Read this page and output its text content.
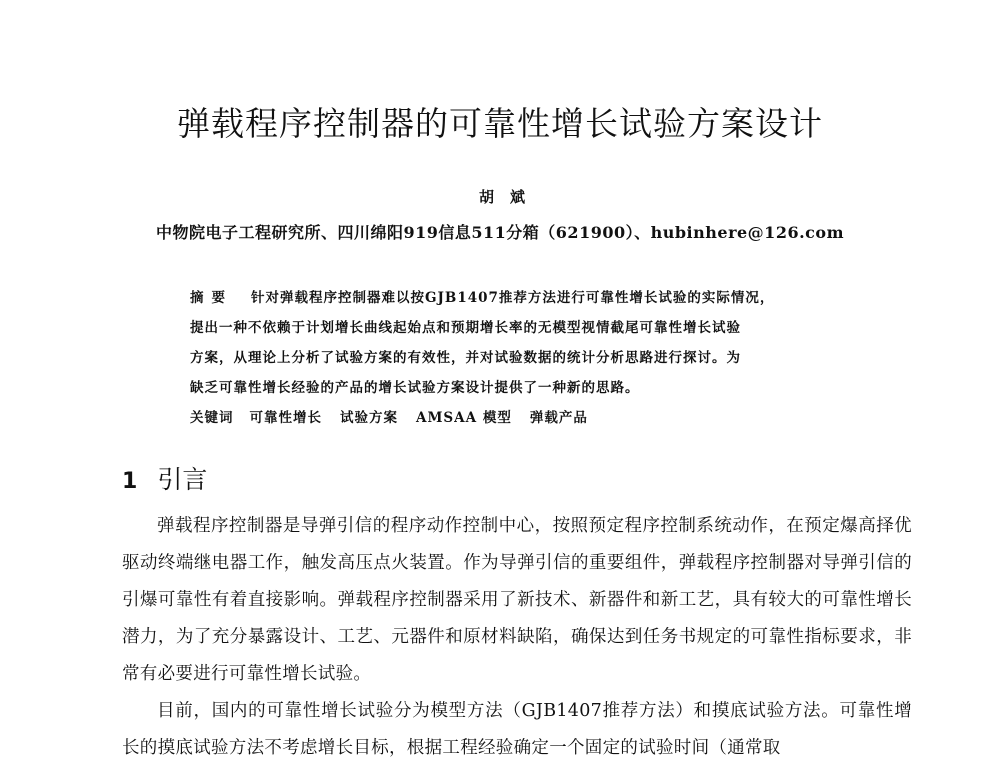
弹载程序控制器的可靠性增长试验方案设计
胡斌
中物院电子工程研究所、四川绵阳919信息511分箱（621900）、hubinhere@126.com

摘要 针对弹载程序控制器难以按GJB1407推荐方法进行可靠性增长试验的实际情况，

提出一种不依赖于计划增长曲线起始点和预期增长率的无模型视情截尾可靠性增长试验

方案，从理论上分析了试验方案的有效性，并对试验数据的统计分析思路进行探讨。为

缺乏可靠性增长经验的产品的增长试验方案设计提供了一种新的思路。

关键词 可靠性增长 试验方案 AMSAA 模型 弹载产品

1 引言

弹载程序控制器是导弹引信的程序动作控制中心，按照预定程序控制系统动作，在预定爆高择优驱动终端继电器工作，触发高压点火装置。作为导弹引信的重要组件，弹载程序控制器对导弹引信的引爆可靠性有着直接影响。弹载程序控制器采用了新技术、新器件和新工艺，具有较大的可靠性增长潜力，为了充分暴露设计、工艺、元器件和原材料缺陷，确保达到任务书规定的可靠性指标要求，非常有必要进行可靠性增长试验。

目前，国内的可靠性增长试验分为模型方法（GJB1407推荐方法）和摸底试验方法。可靠性增长的摸底试验方法不考虑增长目标，根据工程经验确定一个固定的试验时间（通常取
